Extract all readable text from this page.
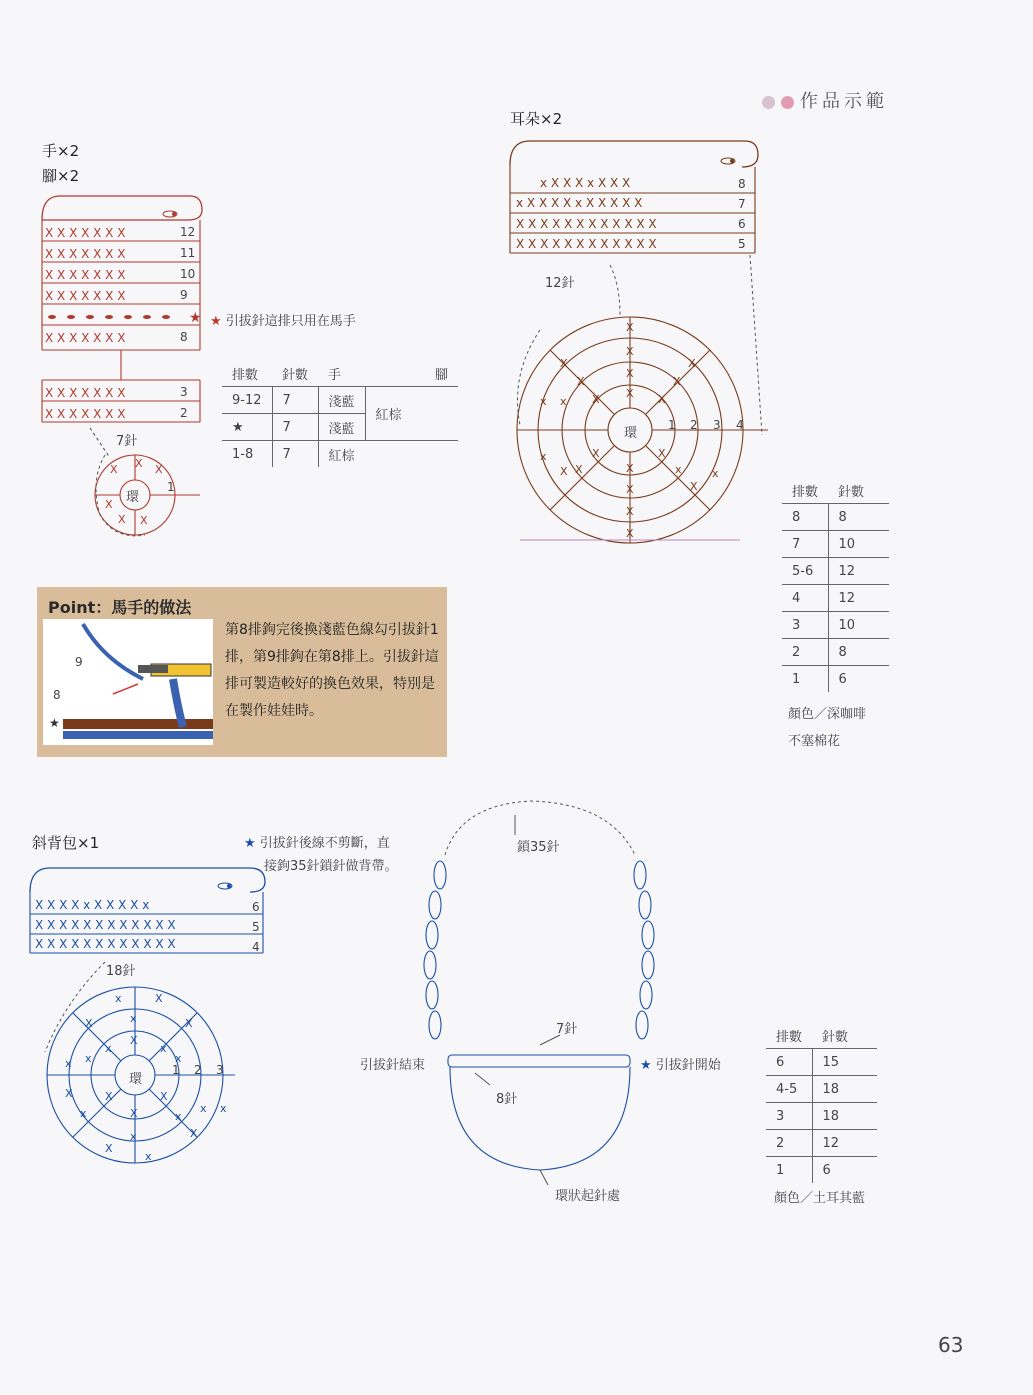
作品示範
手×2
腳×2
X X X X X X X
X X X X X X X
X X X X X X X
X X X X X X X
X X X X X X X
X X X X X X X
X X X X X X X
★
X X X
X
X X
7針
環
1
12
11
10
9
8
3
2
★ 引拔針這排只用在馬手
排數	針數	手	腳
9-12	7	淺藍	紅棕
★	7	淺藍	
1-8	7	紅棕	
耳朵×2
ⅹ X X X ⅹ X X X
ⅹ X X X X ⅹ X X X X X
X X X X X X X X X X X X
X X X X X X X X X X X X
X
X
X
X
X
X
X
X
X
X
X
X
X
X
ⅹ ⅹ
ⅹ
X
X
X
X
ⅹ
X
ⅹ
8
7
6
5
12針
環
1 2 3 4
排數	針數
8	8
7	10
5-6	12
4	12
3	10
2	8
1	6
顏色／深咖啡
不塞棉花
Point：馬手的做法
★
9
8
第8排鉤完後換淺藍色線勾引拔針1排，第9排鉤在第8排上。引拔針這排可製造較好的換色效果，特別是在製作娃娃時。
斜背包×1	★ 引拔針後線不剪斷，直
接鉤35針鎖針做背帶。
X X X X ⅹ X X X X ⅹ
X X X X X X X X X X X X
X X X X X X X X X X X X
ⅹ	X
X	X
ⅹ
X
ⅹ	ⅹ
ⅹ ⅹ	ⅹ
X
ⅹ
X	X
X
ⅹ
X
ⅹ
ⅹ
X
ⅹ ⅹ
6
5
4
18針
環
1 2 3
鎖35針
7針
8針
引拔針結束	★ 引拔針開始
環狀起針處
排數	針數
6	15
4-5	18
3	18
2	12
1	6
顏色／土耳其藍
63
